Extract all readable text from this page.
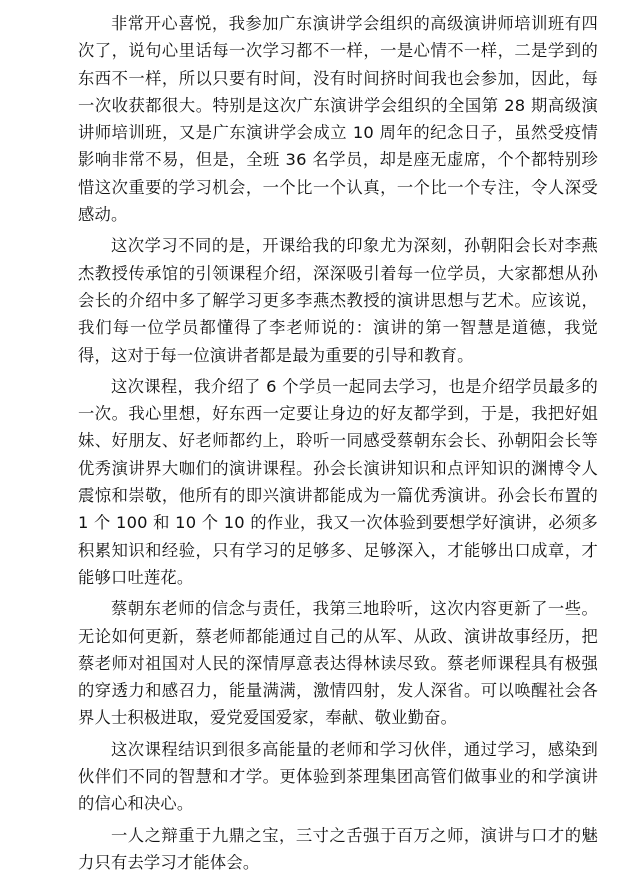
非常开心喜悦，我参加广东演讲学会组织的高级演讲师培训班有四次了，说句心里话每一次学习都不一样，一是心情不一样，二是学到的东西不一样，所以只要有时间，没有时间挤时间我也会参加，因此，每一次收获都很大。特别是这次广东演讲学会组织的全国第 28 期高级演讲师培训班，又是广东演讲学会成立 10 周年的纪念日子，虽然受疫情影响非常不易，但是，全班 36 名学员，却是座无虚席，个个都特别珍惜这次重要的学习机会，一个比一个认真，一个比一个专注，令人深受感动。

这次学习不同的是，开课给我的印象尤为深刻，孙朝阳会长对李燕杰教授传承馆的引领课程介绍，深深吸引着每一位学员，大家都想从孙会长的介绍中多了解学习更多李燕杰教授的演讲思想与艺术。应该说，我们每一位学员都懂得了李老师说的：演讲的第一智慧是道德，我觉得，这对于每一位演讲者都是最为重要的引导和教育。

这次课程，我介绍了 6 个学员一起同去学习，也是介绍学员最多的一次。我心里想，好东西一定要让身边的好友都学到，于是，我把好姐妹、好朋友、好老师都约上，聆听一同感受蔡朝东会长、孙朝阳会长等优秀演讲界大咖们的演讲课程。孙会长演讲知识和点评知识的渊博令人震惊和崇敬，他所有的即兴演讲都能成为一篇优秀演讲。孙会长布置的 1 个 100 和 10 个 10 的作业，我又一次体验到要想学好演讲，必须多积累知识和经验，只有学习的足够多、足够深入，才能够出口成章，才能够口吐莲花。

蔡朝东老师的信念与责任，我第三地聆听，这次内容更新了一些。无论如何更新，蔡老师都能通过自己的从军、从政、演讲故事经历，把蔡老师对祖国对人民的深情厚意表达得林读尽致。蔡老师课程具有极强的穿透力和感召力，能量满满，激情四射，发人深省。可以唤醒社会各界人士积极进取，爱党爱国爱家，奉献、敬业勤奋。

这次课程结识到很多高能量的老师和学习伙伴，通过学习，感染到伙伴们不同的智慧和才学。更体验到茶理集团高管们做事业的和学演讲的信心和决心。

一人之辩重于九鼎之宝，三寸之舌强于百万之师，演讲与口才的魅力只有去学习才能体会。
